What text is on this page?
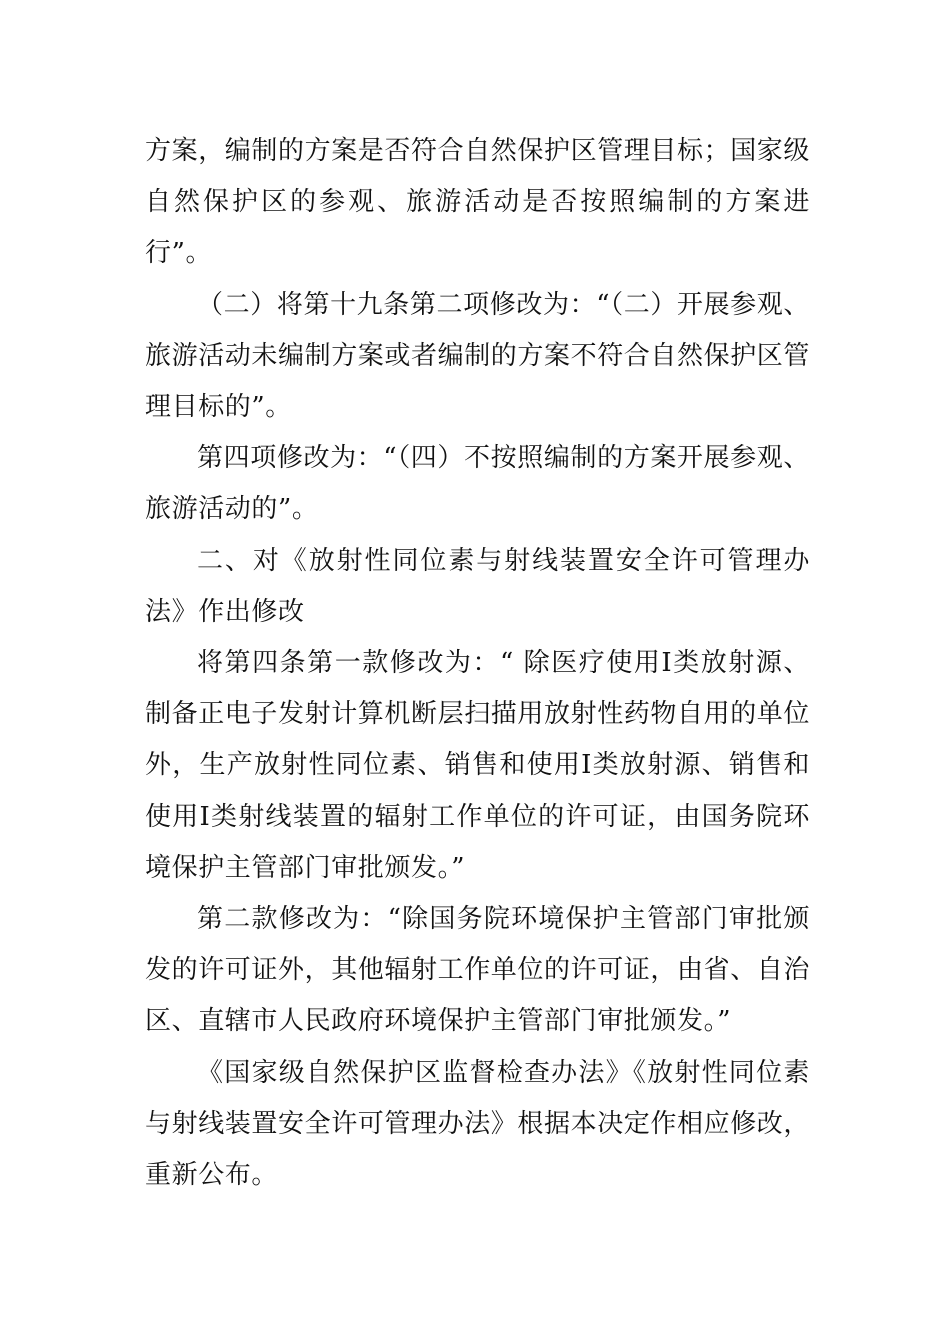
方案，编制的方案是否符合自然保护区管理目标；国家级自然保护区的参观、旅游活动是否按照编制的方案进行”。

（二）将第十九条第二项修改为：“（二）开展参观、旅游活动未编制方案或者编制的方案不符合自然保护区管理目标的”。

第四项修改为：“（四）不按照编制的方案开展参观、旅游活动的”。

二、对《放射性同位素与射线装置安全许可管理办法》作出修改

将第四条第一款修改为：“ 除医疗使用Ⅰ类放射源、制备正电子发射计算机断层扫描用放射性药物自用的单位外，生产放射性同位素、销售和使用Ⅰ类放射源、销售和使用Ⅰ类射线装置的辐射工作单位的许可证，由国务院环境保护主管部门审批颁发。”

第二款修改为：“除国务院环境保护主管部门审批颁发的许可证外，其他辐射工作单位的许可证，由省、自治区、直辖市人民政府环境保护主管部门审批颁发。”

《国家级自然保护区监督检查办法》《放射性同位素与射线装置安全许可管理办法》根据本决定作相应修改，重新公布。
